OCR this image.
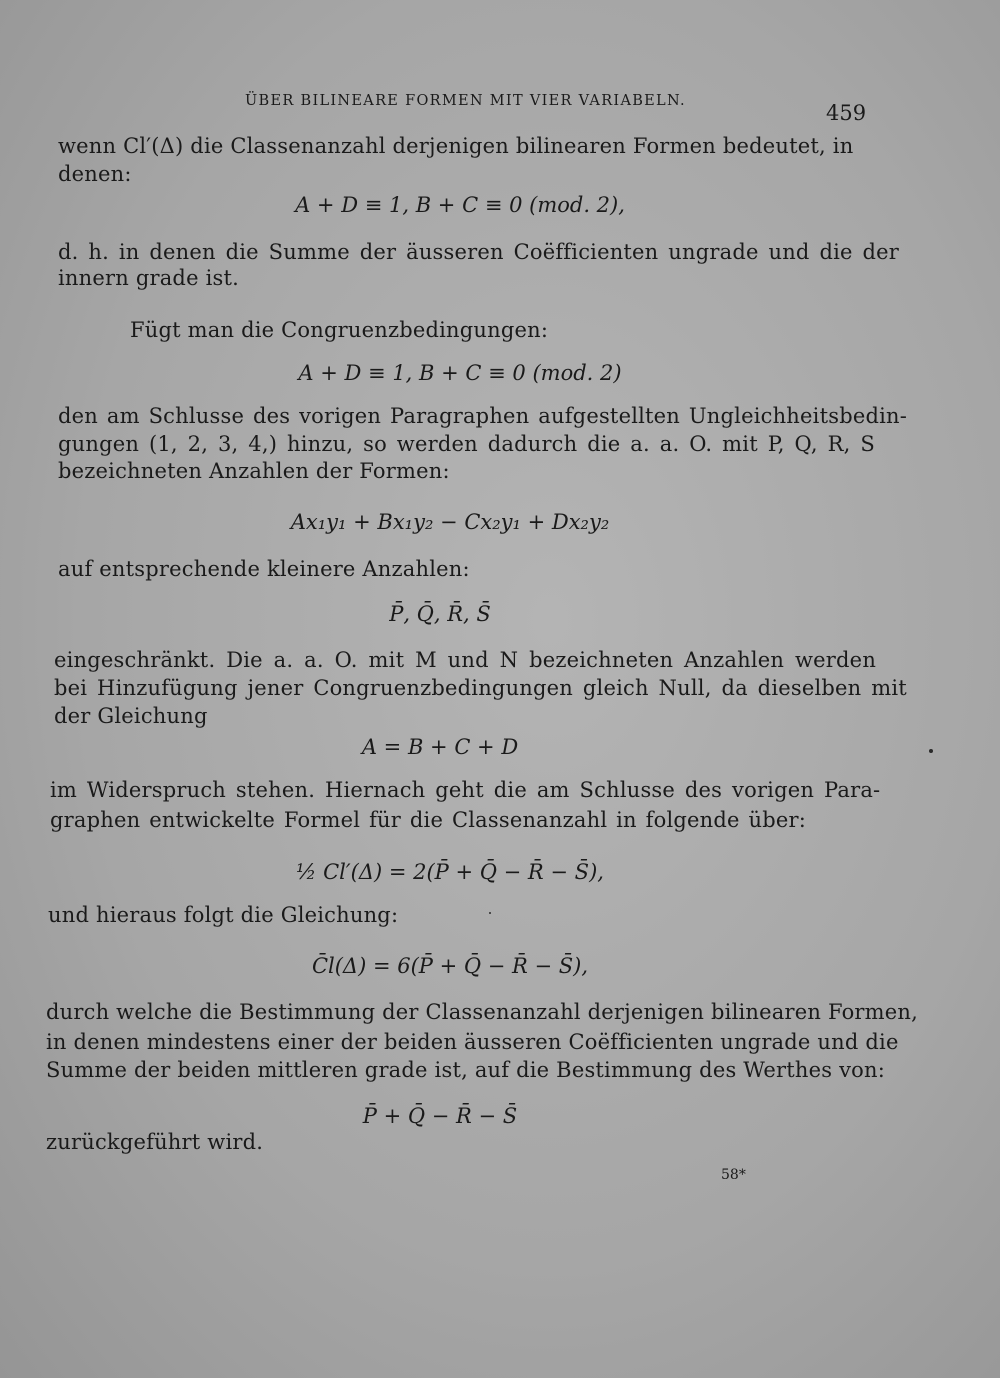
ÜBER BILINEARE FORMEN MIT VIER VARIABELN.	459
wenn Cl′(Δ) die Classenanzahl derjenigen bilinearen Formen bedeutet, in
denen:
A + D ≡ 1, B + C ≡ 0 (mod. 2),
d. h. in denen die Summe der äusseren Coëfficienten ungrade und die der
innern grade ist.
Fügt man die Congruenzbedingungen:
A + D ≡ 1, B + C ≡ 0 (mod. 2)
den am Schlusse des vorigen Paragraphen aufgestellten Ungleichheitsbedin-
gungen (1, 2, 3, 4,) hinzu, so werden dadurch die a. a. O. mit P, Q, R, S
bezeichneten Anzahlen der Formen:
Ax₁y₁ + Bx₁y₂ − Cx₂y₁ + Dx₂y₂
auf entsprechende kleinere Anzahlen:
P̄, Q̄, R̄, S̄
eingeschränkt. Die a. a. O. mit M und N bezeichneten Anzahlen werden
bei Hinzufügung jener Congruenzbedingungen gleich Null, da dieselben mit
der Gleichung
A = B + C + D
im Widerspruch stehen. Hiernach geht die am Schlusse des vorigen Para-
graphen entwickelte Formel für die Classenanzahl in folgende über:
½ Cl′(Δ) = 2(P̄ + Q̄ − R̄ − S̄),
und hieraus folgt die Gleichung:
C̄l(Δ) = 6(P̄ + Q̄ − R̄ − S̄),
durch welche die Bestimmung der Classenanzahl derjenigen bilinearen Formen,
in denen mindestens einer der beiden äusseren Coëfficienten ungrade und die
Summe der beiden mittleren grade ist, auf die Bestimmung des Werthes von:
P̄ + Q̄ − R̄ − S̄
zurückgeführt wird.
58*
